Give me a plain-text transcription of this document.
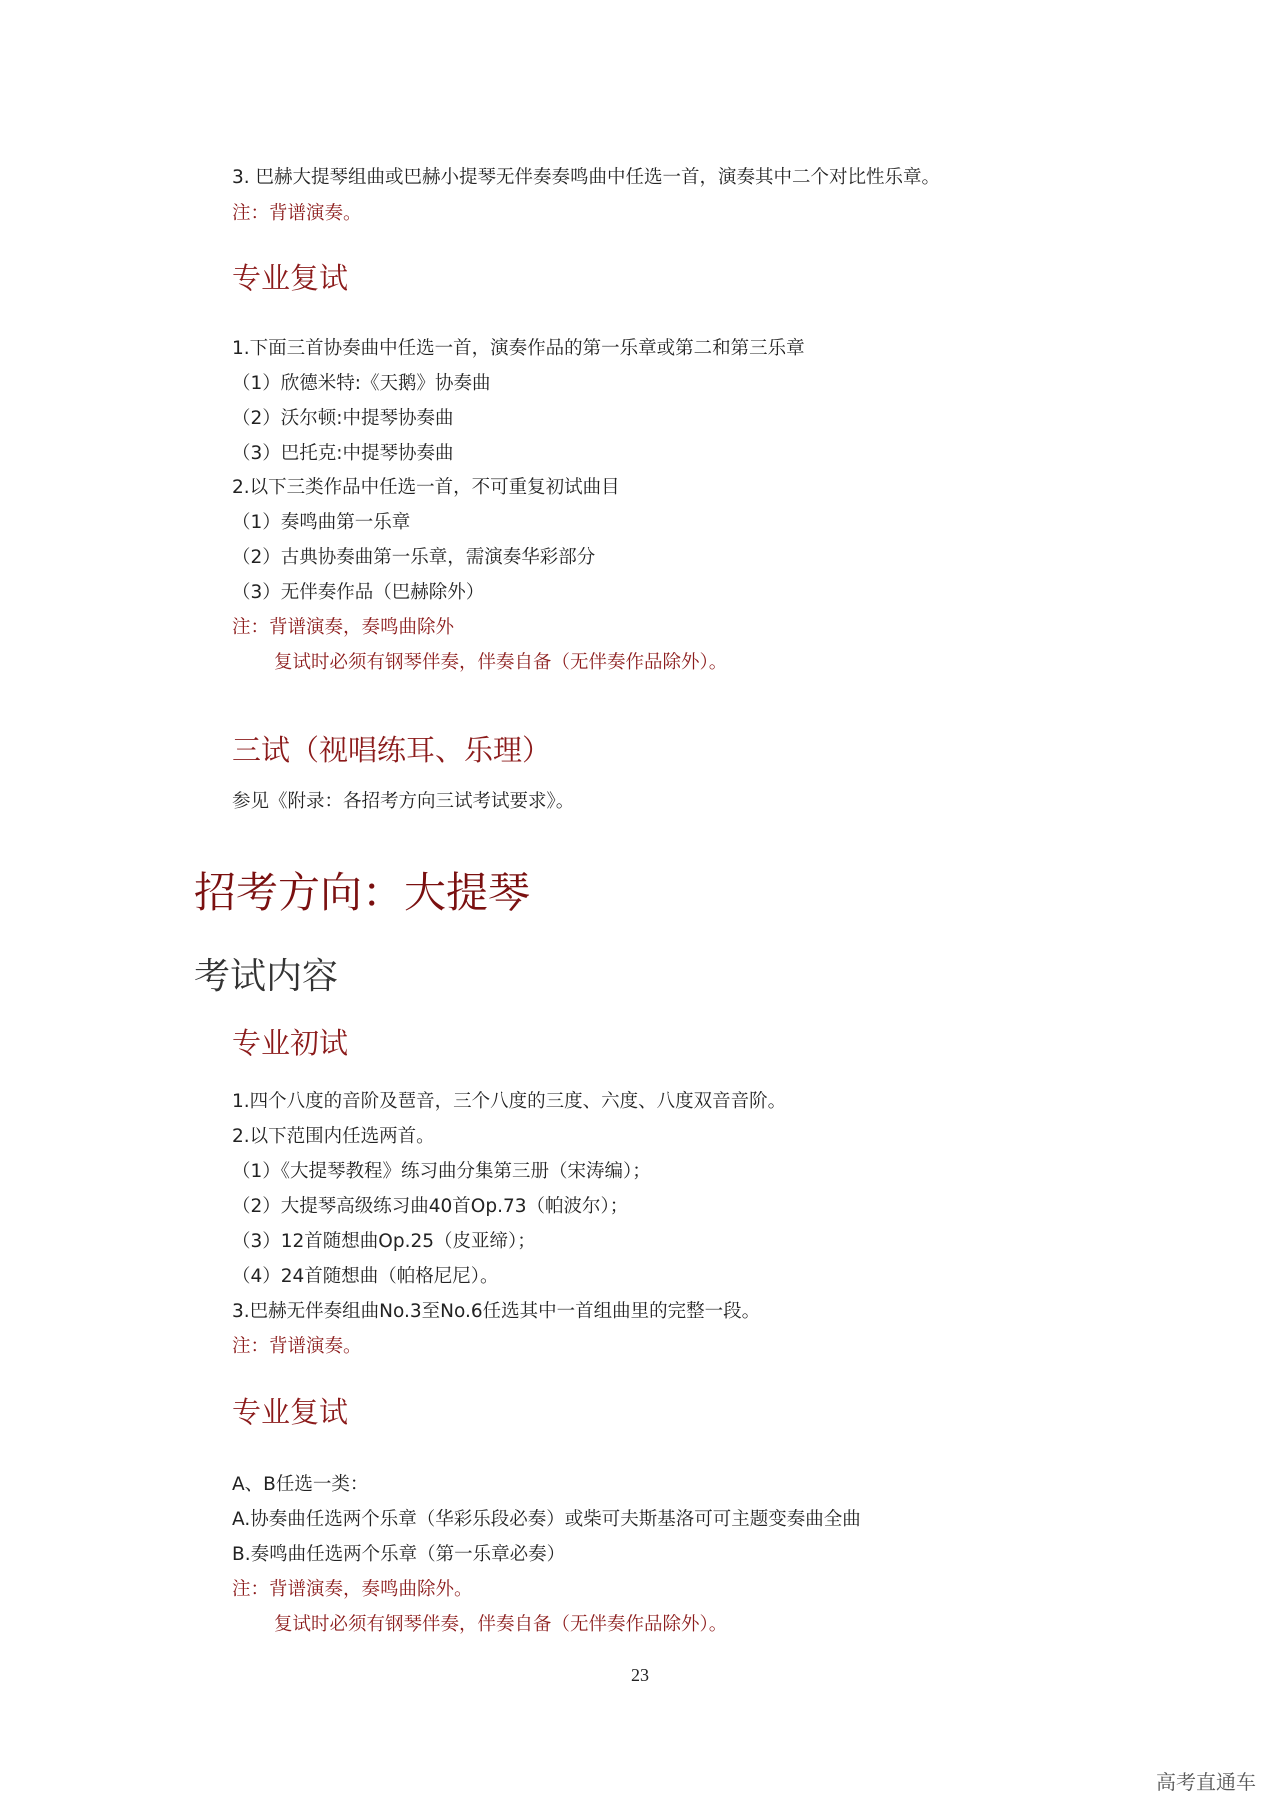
3. 巴赫大提琴组曲或巴赫小提琴无伴奏奏鸣曲中任选一首，演奏其中二个对比性乐章。

注：背谱演奏。

专业复试

1.下面三首协奏曲中任选一首，演奏作品的第一乐章或第二和第三乐章

（1）欣德米特:《天鹅》协奏曲

（2）沃尔顿:中提琴协奏曲

（3）巴托克:中提琴协奏曲

2.以下三类作品中任选一首，不可重复初试曲目

（1）奏鸣曲第一乐章

（2）古典协奏曲第一乐章，需演奏华彩部分

（3）无伴奏作品（巴赫除外）

注：背谱演奏，奏鸣曲除外

复试时必须有钢琴伴奏，伴奏自备（无伴奏作品除外）。

三试（视唱练耳、乐理）

参见《附录：各招考方向三试考试要求》。

招考方向：大提琴

考试内容

专业初试

1.四个八度的音阶及琶音，三个八度的三度、六度、八度双音音阶。

2.以下范围内任选两首。

（1）《大提琴教程》练习曲分集第三册（宋涛编）；

（2）大提琴高级练习曲40首Op.73（帕波尔）；

（3）12首随想曲Op.25（皮亚缔）；

（4）24首随想曲（帕格尼尼）。

3.巴赫无伴奏组曲No.3至No.6任选其中一首组曲里的完整一段。

注：背谱演奏。

专业复试

A、B任选一类：

A.协奏曲任选两个乐章（华彩乐段必奏）或柴可夫斯基洛可可主题变奏曲全曲

B.奏鸣曲任选两个乐章（第一乐章必奏）

注：背谱演奏，奏鸣曲除外。

复试时必须有钢琴伴奏，伴奏自备（无伴奏作品除外）。

23

高考直通车
